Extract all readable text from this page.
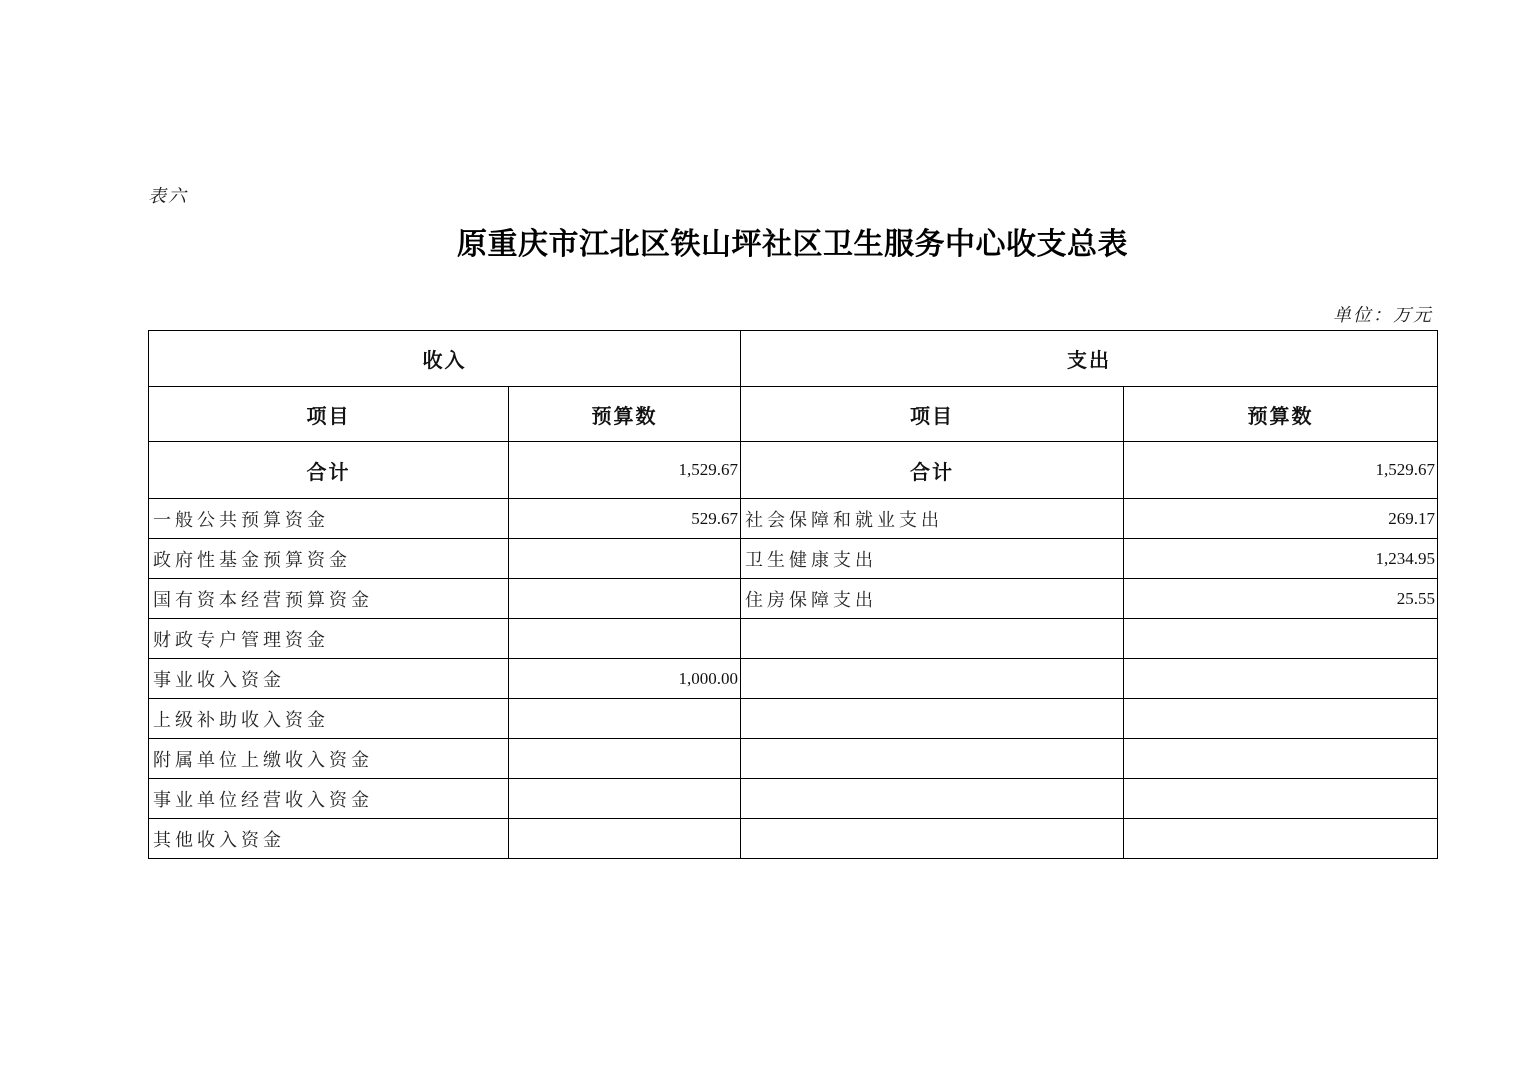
表六
原重庆市江北区铁山坪社区卫生服务中心收支总表
单位：万元
收入		支出	
项目	预算数	项目	预算数
合计	1,529.67	合计	1,529.67
一般公共预算资金	529.67	社会保障和就业支出	269.17
政府性基金预算资金		卫生健康支出	1,234.95
国有资本经营预算资金		住房保障支出	25.55
财政专户管理资金			
事业收入资金	1,000.00		
上级补助收入资金			
附属单位上缴收入资金			
事业单位经营收入资金			
其他收入资金			
